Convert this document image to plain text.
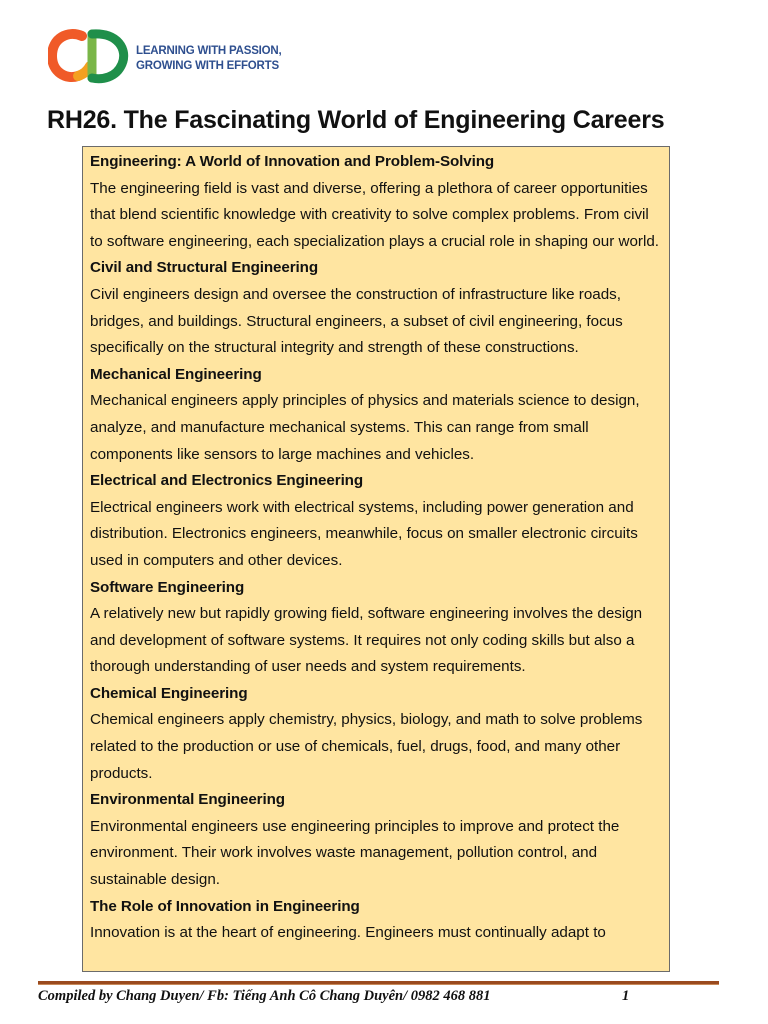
LEARNING WITH PASSION,
GROWING WITH EFFORTS
RH26. The Fascinating World of Engineering Careers

Engineering: A World of Innovation and Problem-Solving

The engineering field is vast and diverse, offering a plethora of career opportunities that blend scientific knowledge with creativity to solve complex problems. From civil to software engineering, each specialization plays a crucial role in shaping our world.

Civil and Structural Engineering

Civil engineers design and oversee the construction of infrastructure like roads, bridges, and buildings. Structural engineers, a subset of civil engineering, focus specifically on the structural integrity and strength of these constructions.

Mechanical Engineering

Mechanical engineers apply principles of physics and materials science to design, analyze, and manufacture mechanical systems. This can range from small components like sensors to large machines and vehicles.

Electrical and Electronics Engineering

Electrical engineers work with electrical systems, including power generation and distribution. Electronics engineers, meanwhile, focus on smaller electronic circuits used in computers and other devices.

Software Engineering

A relatively new but rapidly growing field, software engineering involves the design and development of software systems. It requires not only coding skills but also a thorough understanding of user needs and system requirements.

Chemical Engineering

Chemical engineers apply chemistry, physics, biology, and math to solve problems related to the production or use of chemicals, fuel, drugs, food, and many other products.

Environmental Engineering

Environmental engineers use engineering principles to improve and protect the environment. Their work involves waste management, pollution control, and sustainable design.

The Role of Innovation in Engineering

Innovation is at the heart of engineering. Engineers must continually adapt to

Compiled by Chang Duyen/ Fb: Tiếng Anh Cô Chang Duyên/ 0982 468 881	1
